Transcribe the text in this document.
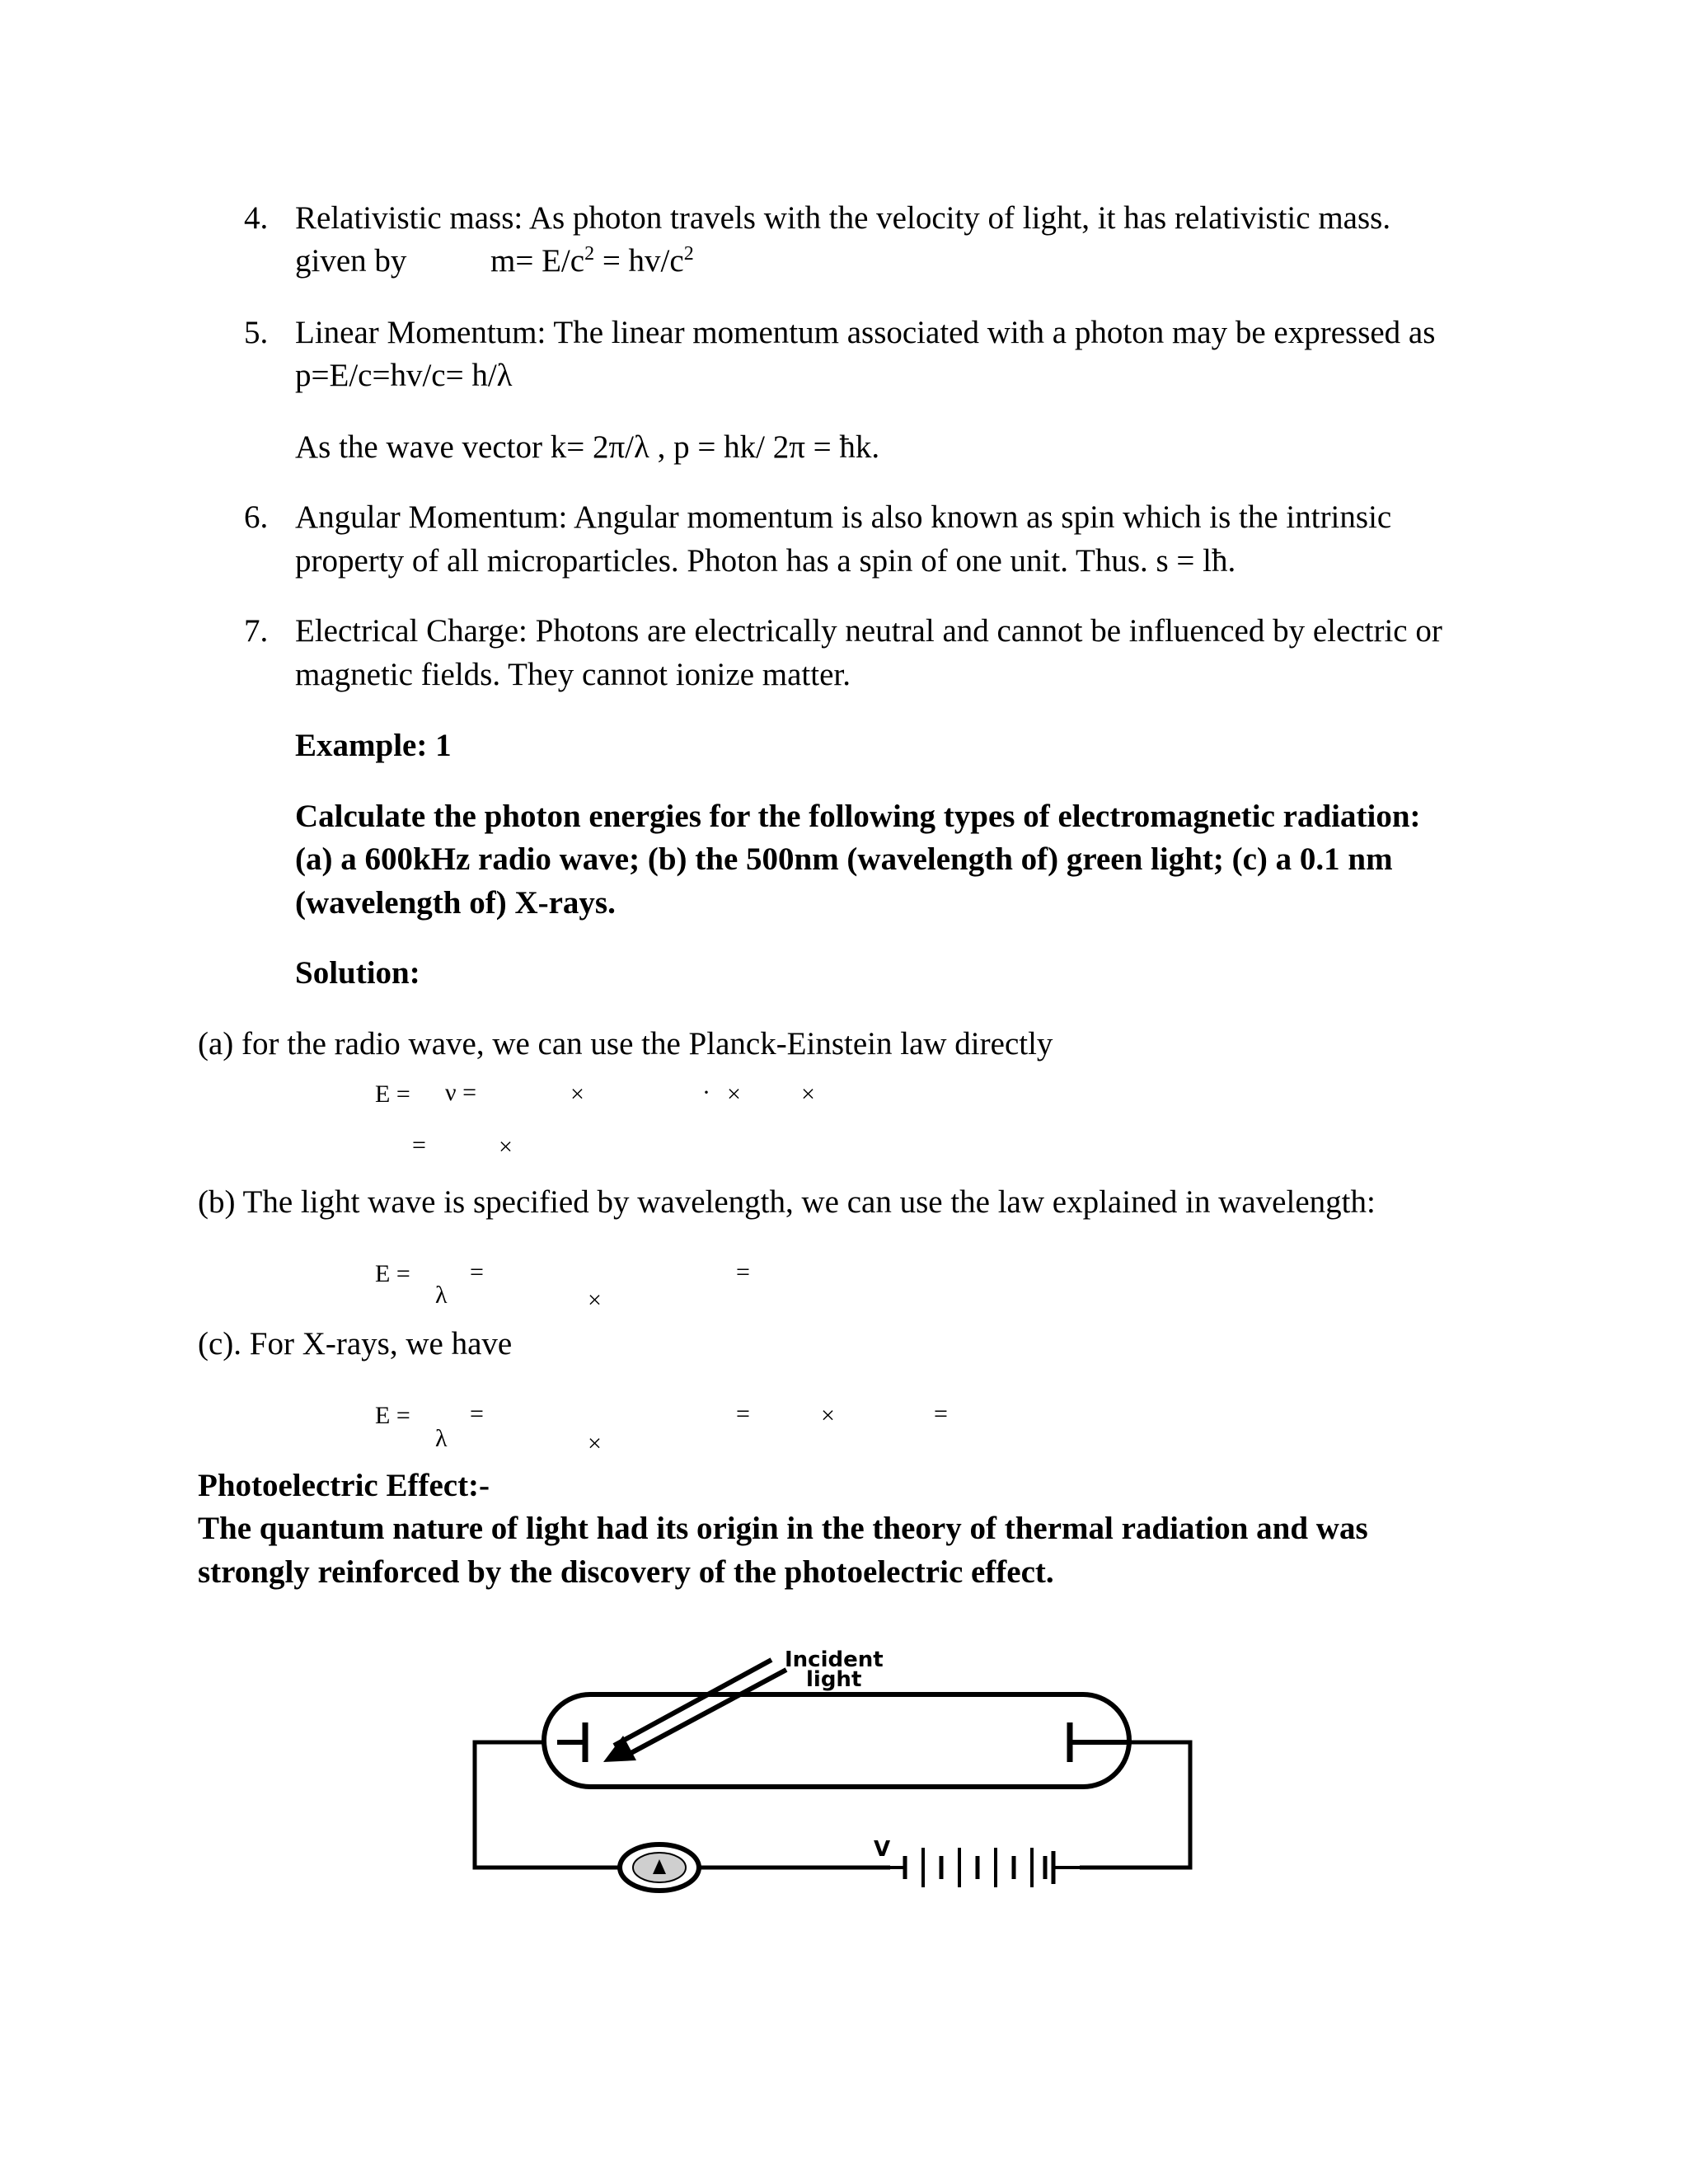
4. Relativistic mass: As photon travels with the velocity of light, it has relativistic mass.
given by	$m= E/c^2 = hv/c^2$
5. Linear Momentum: The linear momentum associated with a photon may be expressed as
p=E/c=hv/c= h/λ
As the wave vector k= 2π/λ , p = hk/ 2π = ħk.
6. Angular Momentum: Angular momentum is also known as spin which is the intrinsic
property of all microparticles. Photon has a spin of one unit. Thus. s = lħ.
7. Electrical Charge: Photons are electrically neutral and cannot be influenced by electric or
magnetic fields. They cannot ionize matter.
Example: 1
Calculate the photon energies for the following types of electromagnetic radiation:
(a) a 600kHz radio wave; (b) the 500nm (wavelength of) green light; (c) a 0.1 nm
(wavelength of) X-rays.
Solution:
(a) for the radio wave, we can use the Planck-Einstein law directly
E = ν =	×	· × ×
=	×
(b) The light wave is specified by wavelength, we can use the law explained in wavelength:
E = =
λ	×
=
(c). For X-rays, we have
E = =
λ	×
=	×	=
Photoelectric Effect:-
The quantum nature of light had its origin in the theory of thermal radiation and was
strongly reinforced by the discovery of the photoelectric effect.
Incident
light
V
